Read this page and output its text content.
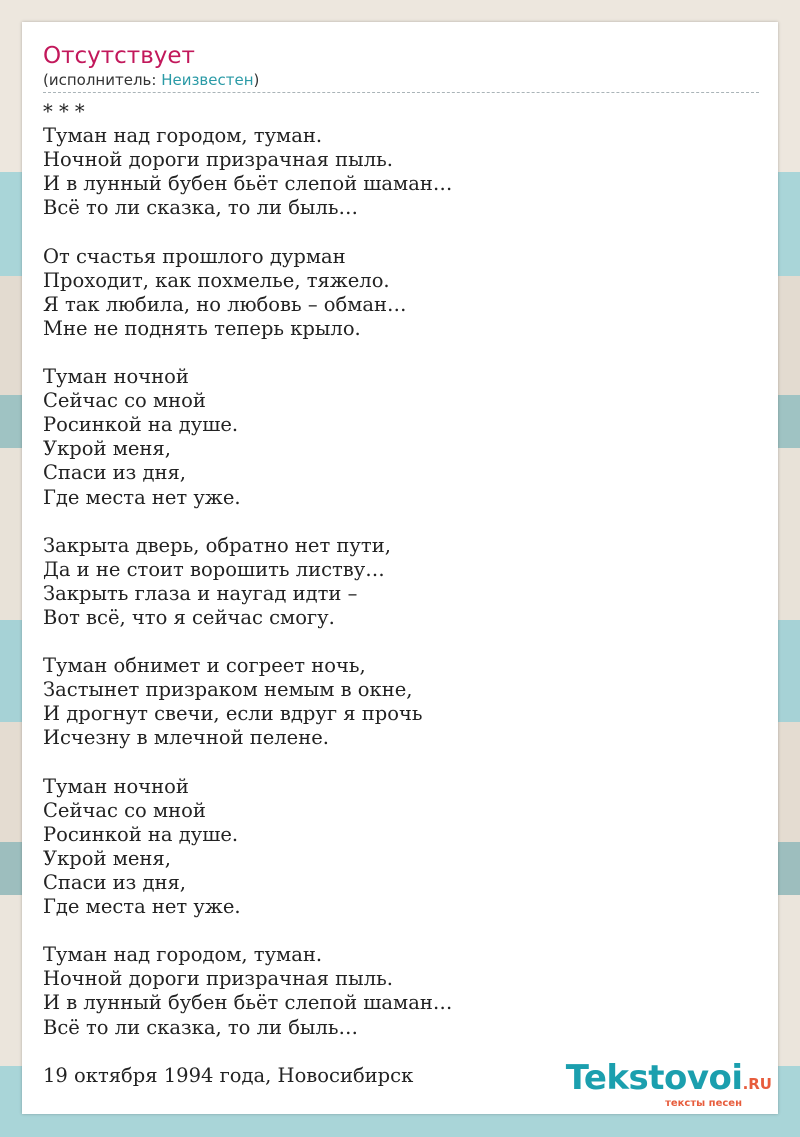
Отсутствует
(исполнитель: Неизвестен)
* * *
Туман над городом, туман.
Ночной дороги призрачная пыль.
И в лунный бубен бьёт слепой шаман…
Всё то ли сказка, то ли быль…

От счастья прошлого дурман
Проходит, как похмелье, тяжело.
Я так любила, но любовь – обман…
Мне не поднять теперь крыло.

Туман ночной
Сейчас со мной
Росинкой на душе.
Укрой меня,
Спаси из дня,
Где места нет уже.

Закрыта дверь, обратно нет пути,
Да и не стоит ворошить листву…
Закрыть глаза и наугад идти –
Вот всё, что я сейчас смогу.

Туман обнимет и согреет ночь,
Застынет призраком немым в окне,
И дрогнут свечи, если вдруг я прочь
Исчезну в млечной пелене.

Туман ночной
Сейчас со мной
Росинкой на душе.
Укрой меня,
Спаси из дня,
Где места нет уже.

Туман над городом, туман.
Ночной дороги призрачная пыль.
И в лунный бубен бьёт слепой шаман…
Всё то ли сказка, то ли быль…

19 октября 1994 года, Новосибирск	Tekstovoi.RU
тексты песен
